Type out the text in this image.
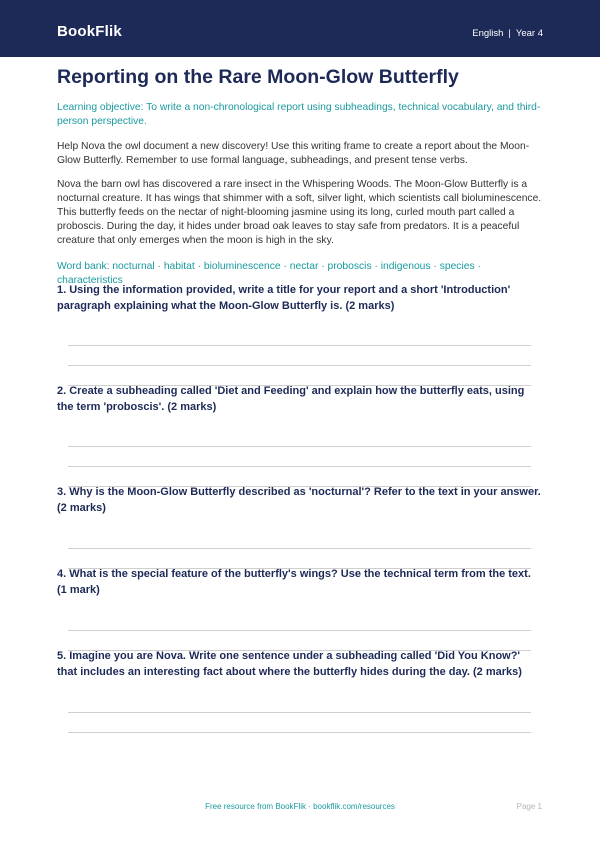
BookFlik	English | Year 4
Reporting on the Rare Moon-Glow Butterfly
Learning objective: To write a non-chronological report using subheadings, technical vocabulary, and third-person perspective.
Help Nova the owl document a new discovery! Use this writing frame to create a report about the Moon-Glow Butterfly. Remember to use formal language, subheadings, and present tense verbs.
Nova the barn owl has discovered a rare insect in the Whispering Woods. The Moon-Glow Butterfly is a nocturnal creature. It has wings that shimmer with a soft, silver light, which scientists call bioluminescence. This butterfly feeds on the nectar of night-blooming jasmine using its long, curled mouth part called a proboscis. During the day, it hides under broad oak leaves to stay safe from predators. It is a peaceful creature that only emerges when the moon is high in the sky.
Word bank: nocturnal · habitat · bioluminescence · nectar · proboscis · indigenous · species · characteristics
1. Using the information provided, write a title for your report and a short 'Introduction' paragraph explaining what the Moon-Glow Butterfly is. (2 marks)
2. Create a subheading called 'Diet and Feeding' and explain how the butterfly eats, using the term 'proboscis'. (2 marks)
3. Why is the Moon-Glow Butterfly described as 'nocturnal'? Refer to the text in your answer. (2 marks)
4. What is the special feature of the butterfly's wings? Use the technical term from the text. (1 mark)
5. Imagine you are Nova. Write one sentence under a subheading called 'Did You Know?' that includes an interesting fact about where the butterfly hides during the day. (2 marks)
Free resource from BookFlik · bookflik.com/resources	Page 1
